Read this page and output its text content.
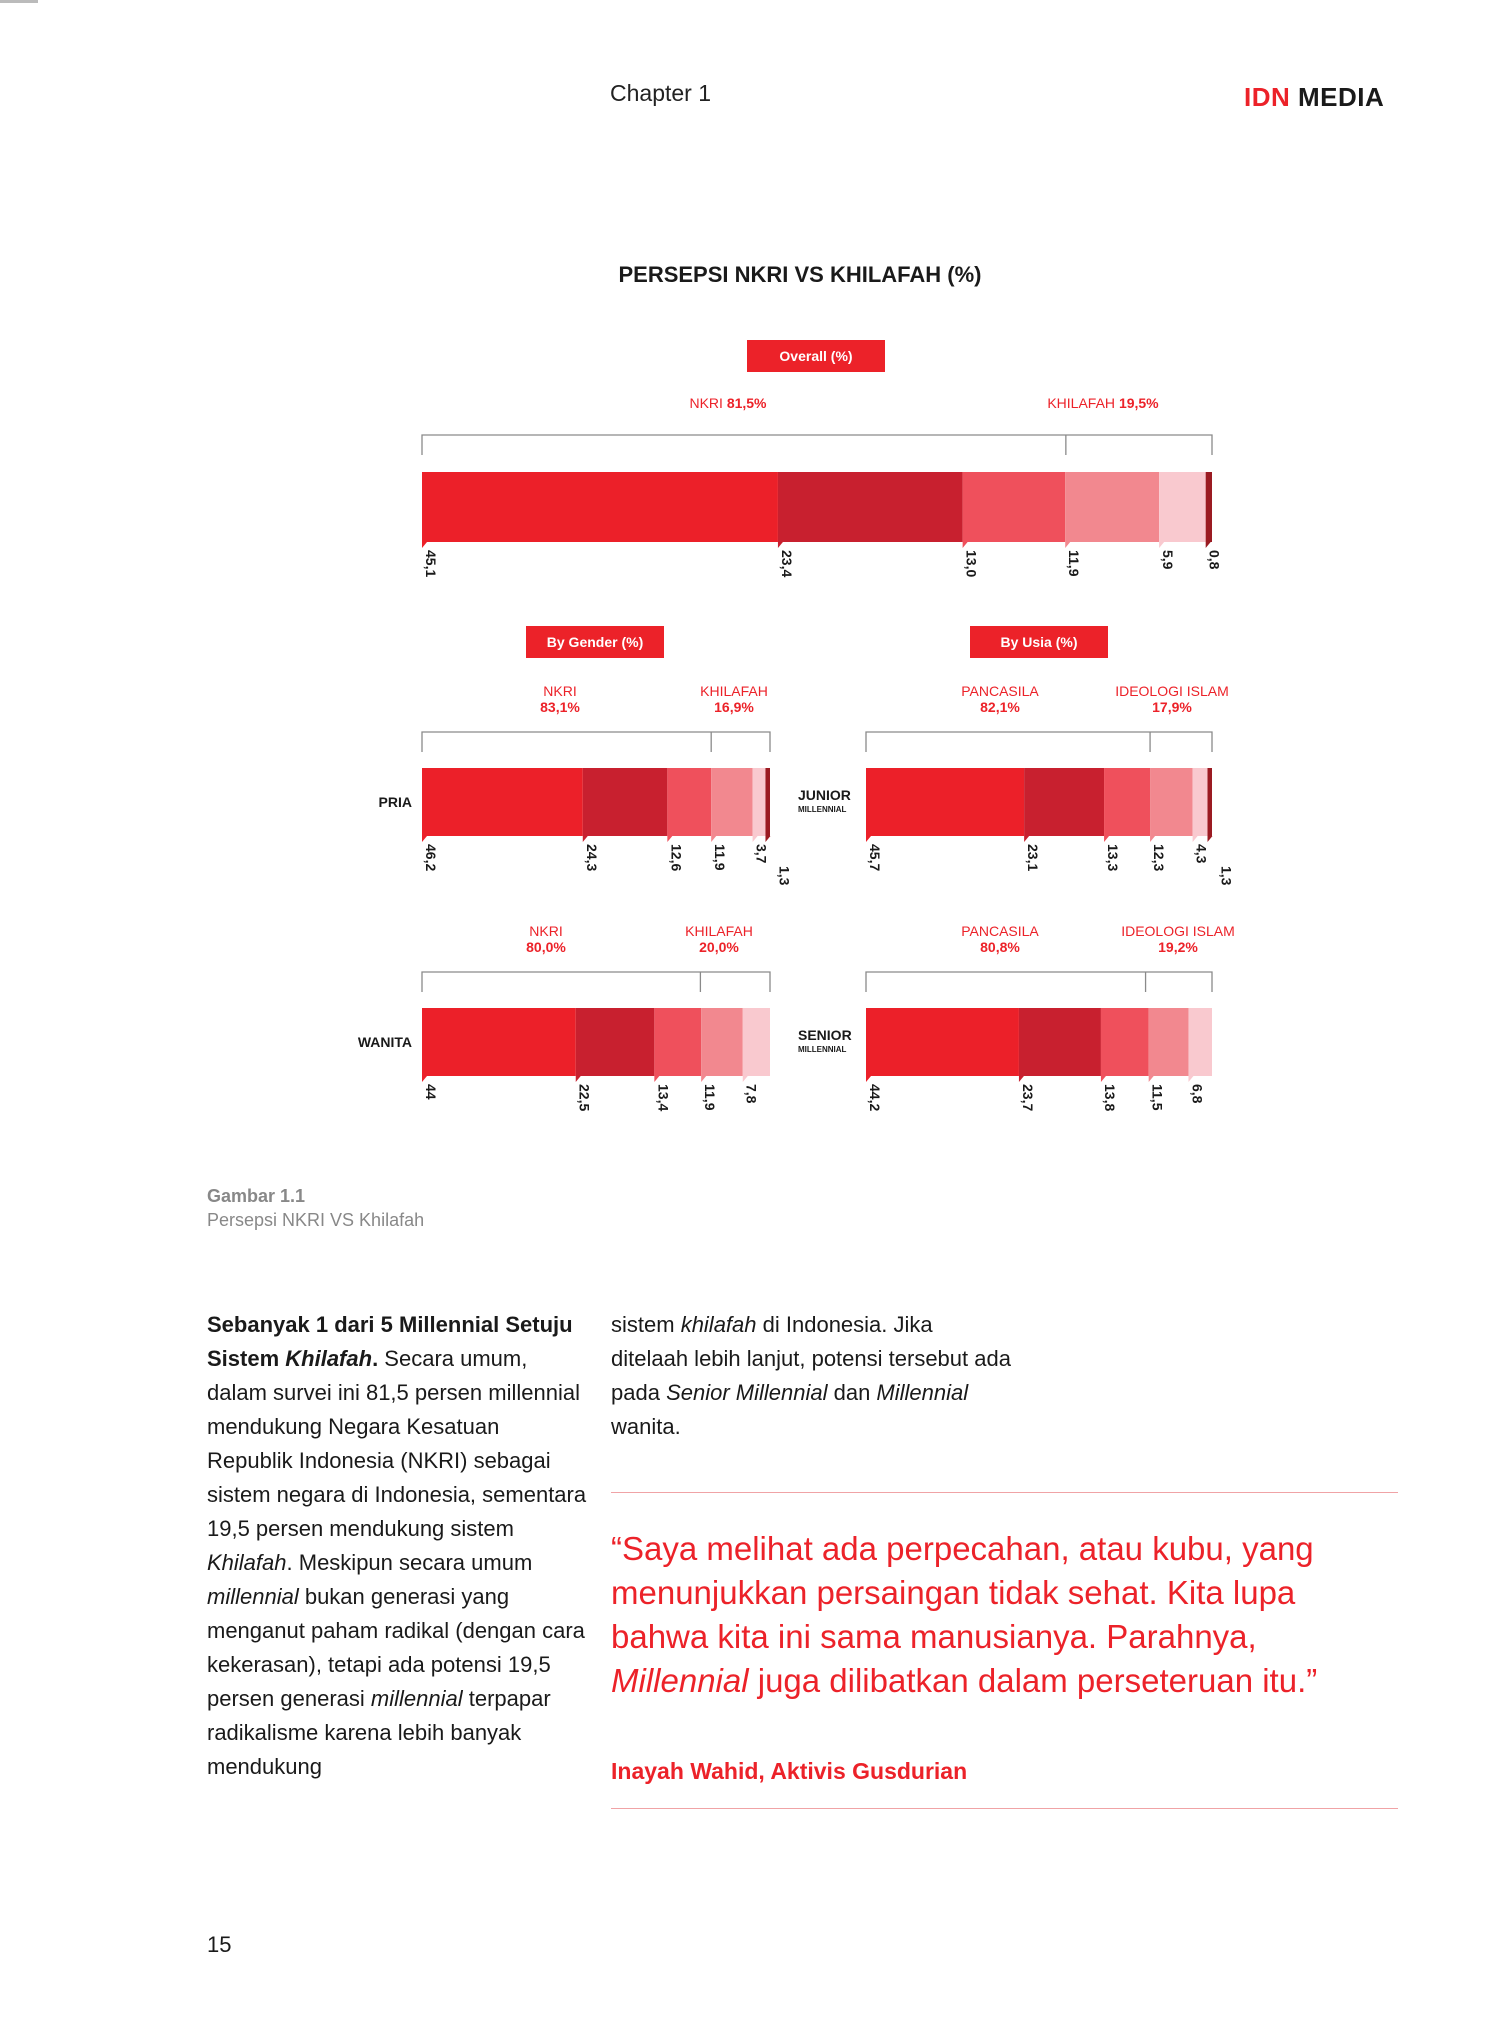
Chapter 1	IDN MEDIA
PERSEPSI NKRI VS KHILAFAH (%)
Overall (%)
NKRI 81,5%	KHILAFAH 19,5%
45,1	23,4	13,0	11,9	5,9 0,8
By Gender (%)
NKRI
83,1%
KHILAFAH
16,9%
PRIA
46,2	24,3	12,6 11,9 3,7
1,3
NKRI
80,0%
KHILAFAH
20,0%
WANITA
44	22,5	13,4 11,9 7,8
By Usia (%)
PANCASILA
82,1%
IDEOLOGI ISLAM
17,9%
JUNIOR
MILLENNIAL
45,7	23,1	13,3 12,3 4,3
1,3
PANCASILA
80,8%
IDEOLOGI ISLAM
19,2%
SENIOR
MILLENNIAL
44,2	23,7	13,8 11,5 6,8
Gambar 1.1
Persepsi NKRI VS Khilafah
Sebanyak 1 dari 5 Millennial Setuju Sistem Khilafah. Secara umum, dalam survei ini 81,5 persen millennial mendukung Negara Kesatuan Republik Indonesia (NKRI) sebagai sistem negara di Indonesia, sementara 19,5 persen mendukung sistem Khilafah. Meskipun secara umum millennial bukan generasi yang menganut paham radikal (dengan cara kekerasan), tetapi ada potensi 19,5 persen generasi millennial terpapar radikalisme karena lebih banyak mendukung
sistem khilafah di Indonesia. Jika ditelaah lebih lanjut, potensi tersebut ada pada Senior Millennial dan Millennial wanita.
“Saya melihat ada perpecahan, atau kubu, yang menunjukkan persaingan tidak sehat. Kita lupa bahwa kita ini sama manusianya. Parahnya, Millennial juga dilibatkan dalam perseteruan itu.”
Inayah Wahid, Aktivis Gusdurian
15
